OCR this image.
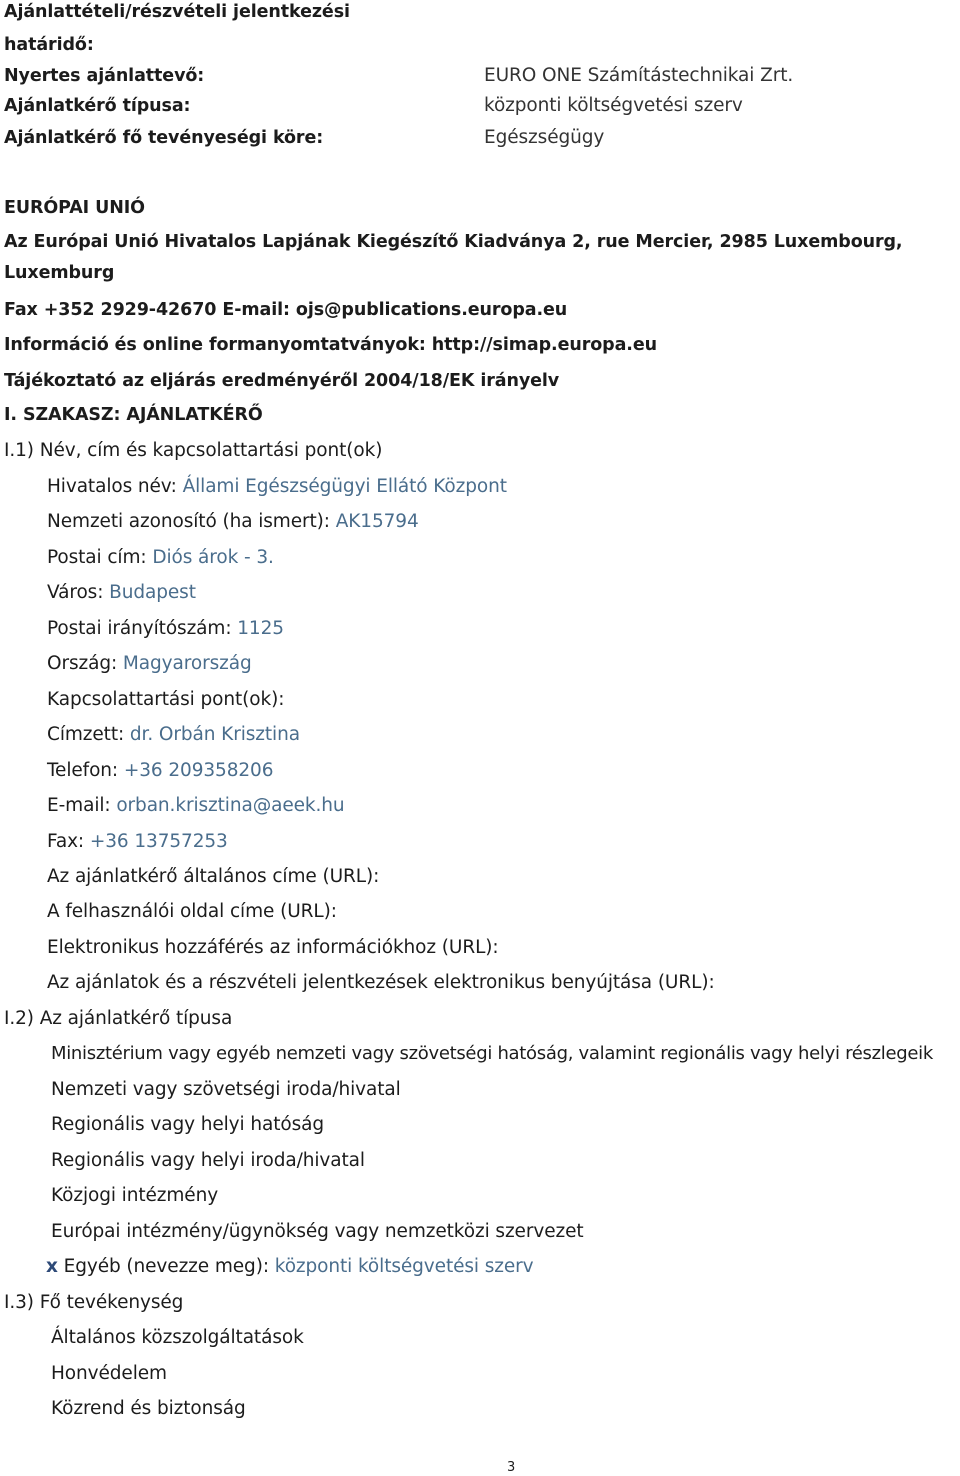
Ajánlattételi/részvételi jelentkezési
határidő:
Nyertes ajánlattevő:	EURO ONE Számítástechnikai Zrt.
Ajánlatkérő típusa:	központi költségvetési szerv
Ajánlatkérő fő tevényeségi köre:	Egészségügy
EURÓPAI UNIÓ
Az Európai Unió Hivatalos Lapjának Kiegészítő Kiadványa 2, rue Mercier, 2985 Luxembourg,
Luxemburg
Fax +352 2929-42670 E-mail: ojs@publications.europa.eu
Információ és online formanyomtatványok: http://simap.europa.eu
Tájékoztató az eljárás eredményéről 2004/18/EK irányelv
I. SZAKASZ: AJÁNLATKÉRŐ
I.1) Név, cím és kapcsolattartási pont(ok)
Hivatalos név: Állami Egészségügyi Ellátó Központ
Nemzeti azonosító (ha ismert): AK15794
Postai cím: Diós árok - 3.
Város: Budapest
Postai irányítószám: 1125
Ország: Magyarország
Kapcsolattartási pont(ok):
Címzett: dr. Orbán Krisztina
Telefon: +36 209358206
E-mail: orban.krisztina@aeek.hu
Fax: +36 13757253
Az ajánlatkérő általános címe (URL):
A felhasználói oldal címe (URL):
Elektronikus hozzáférés az információkhoz (URL):
Az ajánlatok és a részvételi jelentkezések elektronikus benyújtása (URL):
I.2) Az ajánlatkérő típusa
Minisztérium vagy egyéb nemzeti vagy szövetségi hatóság, valamint regionális vagy helyi részlegeik
Nemzeti vagy szövetségi iroda/hivatal
Regionális vagy helyi hatóság
Regionális vagy helyi iroda/hivatal
Közjogi intézmény
Európai intézmény/ügynökség vagy nemzetközi szervezet
x Egyéb (nevezze meg): központi költségvetési szerv
I.3) Fő tevékenység
Általános közszolgáltatások
Honvédelem
Közrend és biztonság
3
